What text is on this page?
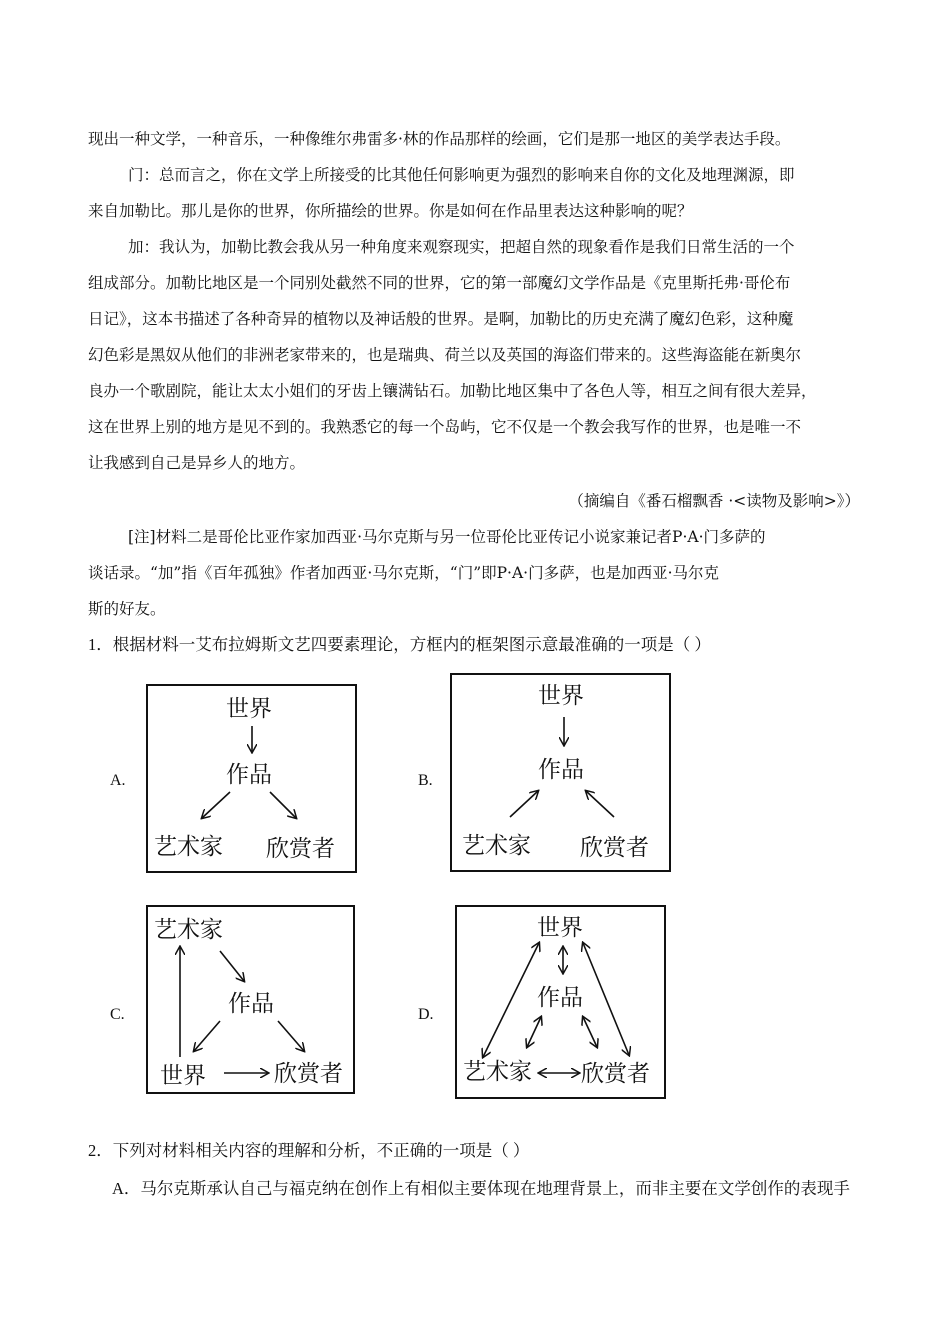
现出一种文学，一种音乐，一种像维尔弗雷多·林的作品那样的绘画，它们是那一地区的美学表达手段。
门：总而言之，你在文学上所接受的比其他任何影响更为强烈的影响来自你的文化及地理渊源，即
来自加勒比。那儿是你的世界，你所描绘的世界。你是如何在作品里表达这种影响的呢？
加：我认为，加勒比教会我从另一种角度来观察现实，把超自然的现象看作是我们日常生活的一个
组成部分。加勒比地区是一个同别处截然不同的世界，它的第一部魔幻文学作品是《克里斯托弗·哥伦布
日记》，这本书描述了各种奇异的植物以及神话般的世界。是啊，加勒比的历史充满了魔幻色彩，这种魔
幻色彩是黑奴从他们的非洲老家带来的，也是瑞典、荷兰以及英国的海盗们带来的。这些海盗能在新奥尔
良办一个歌剧院，能让太太小姐们的牙齿上镶满钻石。加勒比地区集中了各色人等，相互之间有很大差异，
这在世界上别的地方是见不到的。我熟悉它的每一个岛屿，它不仅是一个教会我写作的世界，也是唯一不
让我感到自己是异乡人的地方。
（摘编自《番石榴飘香 ·<读物及影响>》）
[注]材料二是哥伦比亚作家加西亚·马尔克斯与另一位哥伦比亚传记小说家兼记者P·A·门多萨的
谈话录。“加”指《百年孤独》作者加西亚·马尔克斯，“门”即P·A·门多萨，也是加西亚·马尔克
斯的好友。
1．根据材料一艾布拉姆斯文艺四要素理论，方框内的框架图示意最准确的一项是（ ）
A.
世界
作品
艺术家 欣赏者
B.
世界
作品
艺术家 欣赏者
C.
艺术家
作品
世界	欣赏者
D.
世界
作品
艺术家 欣赏者
2．下列对材料相关内容的理解和分析，不正确的一项是（ ）
A．马尔克斯承认自己与福克纳在创作上有相似主要体现在地理背景上，而非主要在文学创作的表现手
